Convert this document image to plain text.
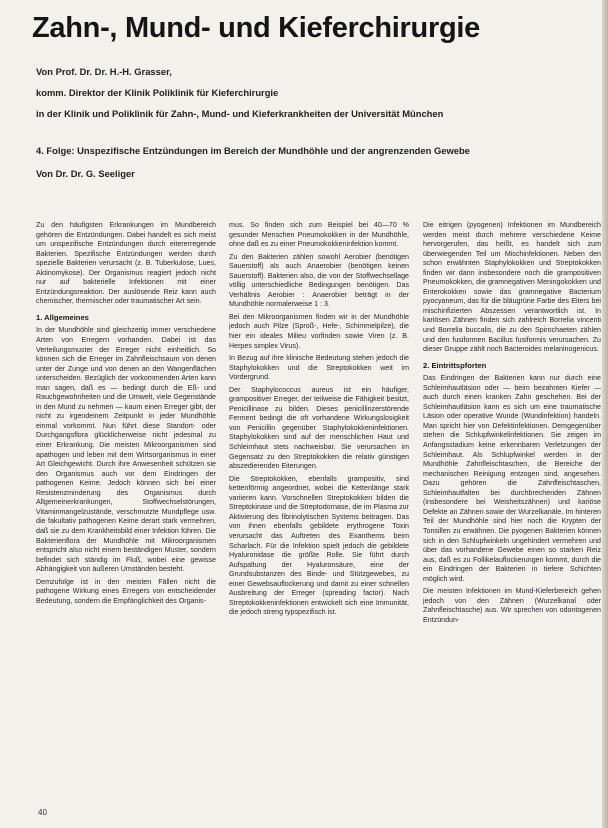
Zahn-, Mund- und Kieferchirurgie
Von Prof. Dr. Dr. H.-H. Grasser,
komm. Direktor der Klinik Poliklinik für Kieferchirurgie
in der Klinik und Poliklinik für Zahn-, Mund- und Kieferkrankheiten der Universität München
4. Folge: Unspezifische Entzündungen im Bereich der Mundhöhle und der angrenzenden Gewebe
Von Dr. Dr. G. Seeliger

Zu den häufigsten Erkrankungen im Mundbereich gehören die Entzündungen. Dabei handelt es sich meist um unspezifische Entzündungen durch eitererregende Bakterien. Spezifische Entzündungen werden durch spezielle Bakterien verursacht (z. B. Tuberkulose, Lues, Aktinomykose). Der Organismus reagiert jedoch nicht nur auf bakterielle Infektionen mit einer Entzündungsreaktion. Der auslösende Reiz kann auch chemischer, thermischer oder traumatischer Art sein.

1. Allgemeines

In der Mundhöhle sind gleichzeitig immer verschiedene Arten von Erregern vorhanden. Dabei ist das Verteilungsmuster der Erreger nicht einheitlich. So können sich die Erreger im Zahnfleischsaum von denen unter der Zunge und von denen an den Wangenflächen unterscheiden. Bezüglich der vorkommenden Arten kann man sagen, daß es — bedingt durch die Eß- und Rauchgewohnheiten und die Umwelt, viele Gegenstände in den Mund zu nehmen — kaum einen Erreger gibt, der nicht zu irgendeinem Zeitpunkt in jeder Mundhöhle einmal vorkommt. Nun führt diese Standort- oder Durchgangsflora glücklicherweise nicht jedesmal zu einer Erkrankung. Die meisten Mikroorganismen sind apathogen und leben mit dem Wirtsorganismus in einer Art Gleichgewicht. Durch ihre Anwesenheit schützen sie den Organismus auch vor dem Eindringen der pathogenen Keime. Jedoch können sich bei einer Resistenzminderung des Organismus durch Allgemeinerkrankungen, Stoffwechselstörungen, Vitaminmangelzustände, verschmutzte Mundpflege usw. die fakultativ pathogenen Keime derart stark vermehren, daß sie zu dem Krankheitsbild einer Infektion führen. Die Bakterienflora der Mundhöhle mit Mikroorganismen entspricht also nicht einem beständigen Muster, sondern befindet sich ständig im Fluß, wobei eine gewisse Abhängigkeit von äußeren Umständen besteht.

Demzufolge ist in den meisten Fällen nicht die pathogene Wirkung eines Erregers von entscheidender Bedeutung, sondern die Empfänglichkeit des Organis-

mus. So finden sich zum Beispiel bei 40—70 % gesunder Menschen Pneumokokken in der Mundhöhle, ohne daß es zu einer Pneumokokkeninfektion kommt.

Zu den Bakterien zählen sowohl Aerobier (benötigen Sauerstoff) als auch Anaerobier (benötigen keinen Sauerstoff). Bakterien also, die von der Stoffwechsellage völlig unterschiedliche Bedingungen benötigen. Das Verhältnis Aerobier : Anaerobier beträgt in der Mundhöhle normalerweise 1 : 3.

Bei den Mikroorganismen finden wir in der Mundhöhle jedoch auch Pilze (Sproß-, Hefe-, Schimmelpilze), die hier ein ideales Milieu vorfinden sowie Viren (z. B. Herpes simplex Virus).

In Bezug auf ihre klinische Bedeutung stehen jedoch die Staphylokokken und die Streptokokken weit im Vordergrund.

Der Staphylococcus aureus ist ein häufiger, grampositiver Erreger, der teilweise die Fähigkeit besitzt, Penicillinase zu bilden. Dieses penicillinzerstörende Ferment bedingt die oft vorhandene Wirkungslosigkeit von Penicillin gegenüber Staphylokokkeninfektionen. Staphylokokken sind auf der menschlichen Haut und Schleimhaut stets nachweisbar. Sie verursachen im Gegensatz zu den Streptokokken die relativ günstigen abszedierenden Eiterungen.

Die Streptokokken, ebenfalls grampositiv, sind kettenförmig angeordnet, wobei die Kettenlänge stark variieren kann. Vorschnellen Streptokokken bilden die Streptokinase und die Streptodornase, die im Plasma zur Aktivierung des fibrinolytischen Systems beitragen. Das von ihnen ebenfalls gebildete erythrogene Toxin verursacht das Auftreten des Exanthems beim Scharlach. Für die Infektion spielt jedoch die gebildete Hyaluronidase die größte Rolle. Sie führt durch Aufspaltung der Hyaluronsäure, eine der Grundsubstanzen des Binde- und Stützgewebes, zu einer Gewebsauflockerung und damit zu einer schnellen Ausbreitung der Erreger (spreading factor). Nach Streptokokkeninfektionen entwickelt sich eine Immunität, die jedoch streng typspezifisch ist.

Die eitrigen (pyogenen) Infektionen im Mundbereich werden meist durch mehrere verschiedene Keime hervorgerufen, das heißt, es handelt sich zum überwiegenden Teil um Mischinfektionen. Neben den schon erwähnten Staphylokokken und Streptokokken finden wir dann insbesondere noch die grampositiven Pneumokokken, die gramnegativen Meningokokken und Enterokokken sowie das gramnegative Bacterium pyocyaneum, das für die bläugrüne Farbe des Eiters bei mischinfizierten Abszessen verantwortlich ist. In kariösen Zähnen finden sich zahlreich Borrelia vincenti und Borrelia buccalis, die zu den Spirochaeten zählen und den fusiformen Bacillus fusiformis verursachen. Zu dieser Gruppe zählt noch Bacteroides melaninogenicus.

2. Eintrittspforten

Das Eindringen der Bakterien kann nur durch eine Schleimhautläsion oder — beim bezahnten Kiefer — auch durch einen kranken Zahn geschehen. Bei der Schleimhautläsion kann es sich um eine traumatische Läsion oder operative Wunde (Wundinfektion) handeln. Man spricht hier von Defektinfektionen. Demgegenüber stehen die Schlupfwinkelinfektionen. Sie zeigen im Anfangsstadium keine erkennbaren Verletzungen der Schleimhaut. Als Schlupfwinkel werden in der Mundhöhle Zahnfleischtaschen, die Bereiche der mechanischen Reinigung entzogen sind, angesehen. Dazu gehören die Zahnfleischtaschen, Schleimhautfalten bei durchbrechenden Zähnen (insbesondere bei Weisheitszähnen) und kariöse Defekte an Zähnen sowie der Wurzelkanäle. Im hinteren Teil der Mundhöhle sind hier noch die Krypten der Tonsillen zu erwähnen. Die pyogenen Bakterien können sich in den Schlupfwinkeln ungehindert vermehren und über das vorhandene Gewebe einen so starken Reiz aus, daß es zu Follikelauflockerungen kommt, durch die ein Eindringen der Bakterien in tiefere Schichten möglich wird.

Die meisten Infektionen im Mund-Kieferbereich gehen jedoch von den Zähnen (Wurzelkanal oder Zahnfleischtasche) aus. Wir sprechen von odontogenen Entzündun-

40
